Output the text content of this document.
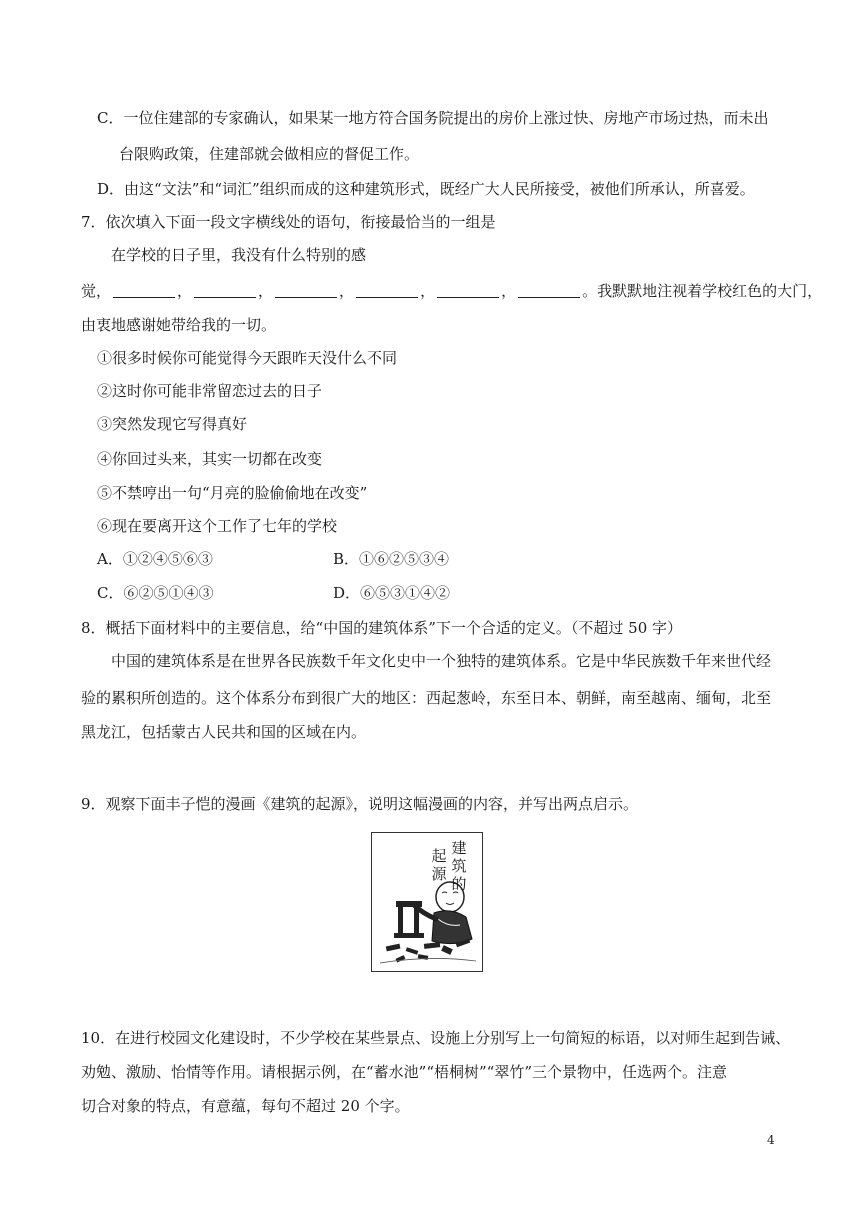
C．一位住建部的专家确认，如果某一地方符合国务院提出的房价上涨过快、房地产市场过热，而未出
台限购政策，住建部就会做相应的督促工作。
D．由这“文法”和“词汇”组织而成的这种建筑形式，既经广大人民所接受，被他们所承认，所喜爱。
7．依次填入下面一段文字横线处的语句，衔接最恰当的一组是
在学校的日子里，我没有什么特别的感
觉，	，	，	，	，	，	。我默默地注视着学校红色的大门，
由衷地感谢她带给我的一切。
①很多时候你可能觉得今天跟昨天没什么不同
②这时你可能非常留恋过去的日子
③突然发现它写得真好
④你回过头来，其实一切都在改变
⑤不禁哼出一句“月亮的脸偷偷地在改变”
⑥现在要离开这个工作了七年的学校
A．①②④⑤⑥③	B．①⑥②⑤③④
C．⑥②⑤①④③	D．⑥⑤③①④②
8．概括下面材料中的主要信息，给“中国的建筑体系”下一个合适的定义。（不超过 50 字）
中国的建筑体系是在世界各民族数千年文化史中一个独特的建筑体系。它是中华民族数千年来世代经
验的累积所创造的。这个体系分布到很广大的地区：西起葱岭，东至日本、朝鲜，南至越南、缅甸，北至
黑龙江，包括蒙古人民共和国的区域在内。
9．观察下面丰子恺的漫画《建筑的起源》，说明这幅漫画的内容，并写出两点启示。
建筑的
起源
10．在进行校园文化建设时，不少学校在某些景点、设施上分别写上一句简短的标语，以对师生起到告诫、
劝勉、激励、怡情等作用。请根据示例，在“蓄水池”“梧桐树”“翠竹”三个景物中，任选两个。注意
切合对象的特点，有意蕴，每句不超过 20 个字。
4
